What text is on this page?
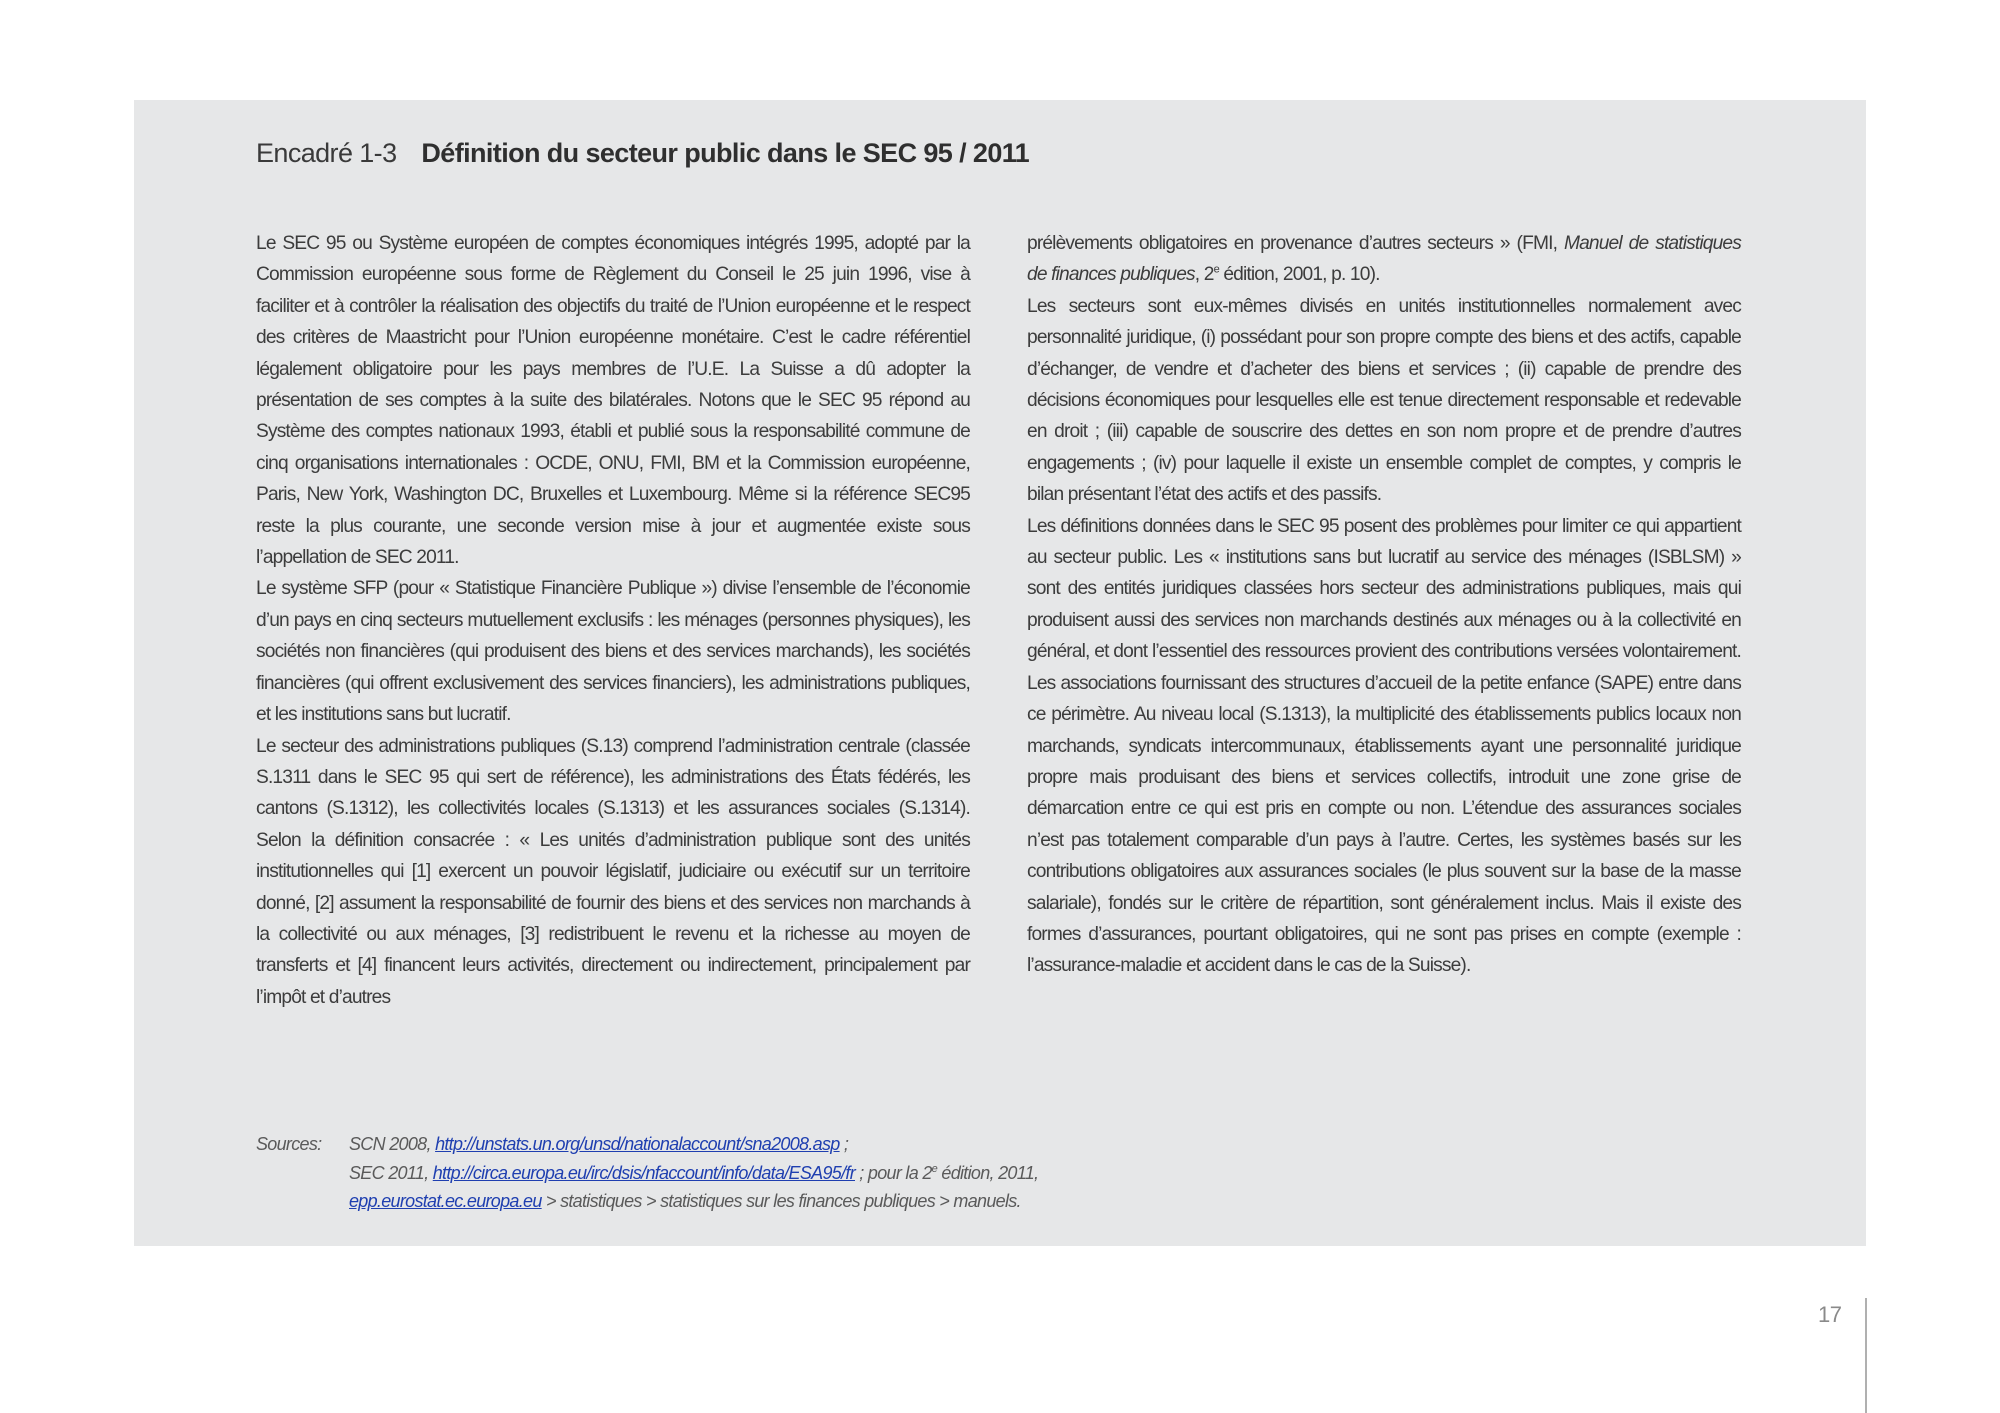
Encadré 1-3 Définition du secteur public dans le SEC 95 / 2011

Le SEC 95 ou Système européen de comptes économiques intégrés 1995, adopté par la Commission européenne sous forme de Règlement du Conseil le 25 juin 1996, vise à faciliter et à contrôler la réalisation des objectifs du traité de l’Union européenne et le respect des critères de Maastricht pour l’Union européenne monétaire. C’est le cadre référentiel légalement obligatoire pour les pays membres de l’U.E. La Suisse a dû adopter la présentation de ses comptes à la suite des bilatérales. Notons que le SEC 95 répond au Système des comptes nationaux 1993, établi et publié sous la responsabilité commune de cinq organisations internationales : OCDE, ONU, FMI, BM et la Commission européenne, Paris, New York, Washington DC, Bruxelles et Luxembourg. Même si la référence SEC95 reste la plus courante, une seconde version mise à jour et augmentée existe sous l’appellation de SEC 2011.

Le système SFP (pour « Statistique Financière Publique ») divise l’ensemble de l’économie d’un pays en cinq secteurs mutuellement exclusifs : les ménages (personnes physiques), les sociétés non financières (qui produisent des biens et des services marchands), les sociétés financières (qui offrent exclusivement des services financiers), les administrations publiques, et les institutions sans but lucratif.

Le secteur des administrations publiques (S.13) comprend l’administration centrale (classée S.1311 dans le SEC 95 qui sert de référence), les administrations des États fédérés, les cantons (S.1312), les collectivités locales (S.1313) et les assurances sociales (S.1314). Selon la définition consacrée : « Les unités d’administration publique sont des unités institutionnelles qui [1] exercent un pouvoir législatif, judiciaire ou exécutif sur un territoire donné, [2] assument la responsabilité de fournir des biens et des services non marchands à la collectivité ou aux ménages, [3] redistribuent le revenu et la richesse au moyen de transferts et [4] financent leurs activités, directement ou indirectement, principalement par l’impôt et d’autres

prélèvements obligatoires en provenance d’autres secteurs » (FMI, Manuel de statistiques de finances publiques, 2e édition, 2001, p. 10).

Les secteurs sont eux-mêmes divisés en unités institutionnelles normalement avec personnalité juridique, (i) possédant pour son propre compte des biens et des actifs, capable d’échanger, de vendre et d’acheter des biens et services ; (ii) capable de prendre des décisions économiques pour lesquelles elle est tenue directement responsable et redevable en droit ; (iii) capable de souscrire des dettes en son nom propre et de prendre d’autres engagements ; (iv) pour laquelle il existe un ensemble complet de comptes, y compris le bilan présentant l’état des actifs et des passifs.

Les définitions données dans le SEC 95 posent des problèmes pour limiter ce qui appartient au secteur public. Les « institutions sans but lucratif au service des ménages (ISBLSM) » sont des entités juridiques classées hors secteur des administrations publiques, mais qui produisent aussi des services non marchands destinés aux ménages ou à la collectivité en général, et dont l’essentiel des ressources provient des contributions versées volontairement. Les associations fournissant des structures d’accueil de la petite enfance (SAPE) entre dans ce périmètre. Au niveau local (S.1313), la multiplicité des établissements publics locaux non marchands, syndicats intercommunaux, établissements ayant une personnalité juridique propre mais produisant des biens et services collectifs, introduit une zone grise de démarcation entre ce qui est pris en compte ou non. L’étendue des assurances sociales n’est pas totalement comparable d’un pays à l’autre. Certes, les systèmes basés sur les contributions obligatoires aux assurances sociales (le plus souvent sur la base de la masse salariale), fondés sur le critère de répartition, sont généralement inclus. Mais il existe des formes d’assurances, pourtant obligatoires, qui ne sont pas prises en compte (exemple : l’assurance-maladie et accident dans le cas de la Suisse).

Sources: SCN 2008, http://unstats.un.org/unsd/nationalaccount/sna2008.asp ;
SEC 2011, http://circa.europa.eu/irc/dsis/nfaccount/info/data/ESA95/fr ; pour la 2e édition, 2011,
epp.eurostat.ec.europa.eu > statistiques > statistiques sur les finances publiques > manuels.
17
